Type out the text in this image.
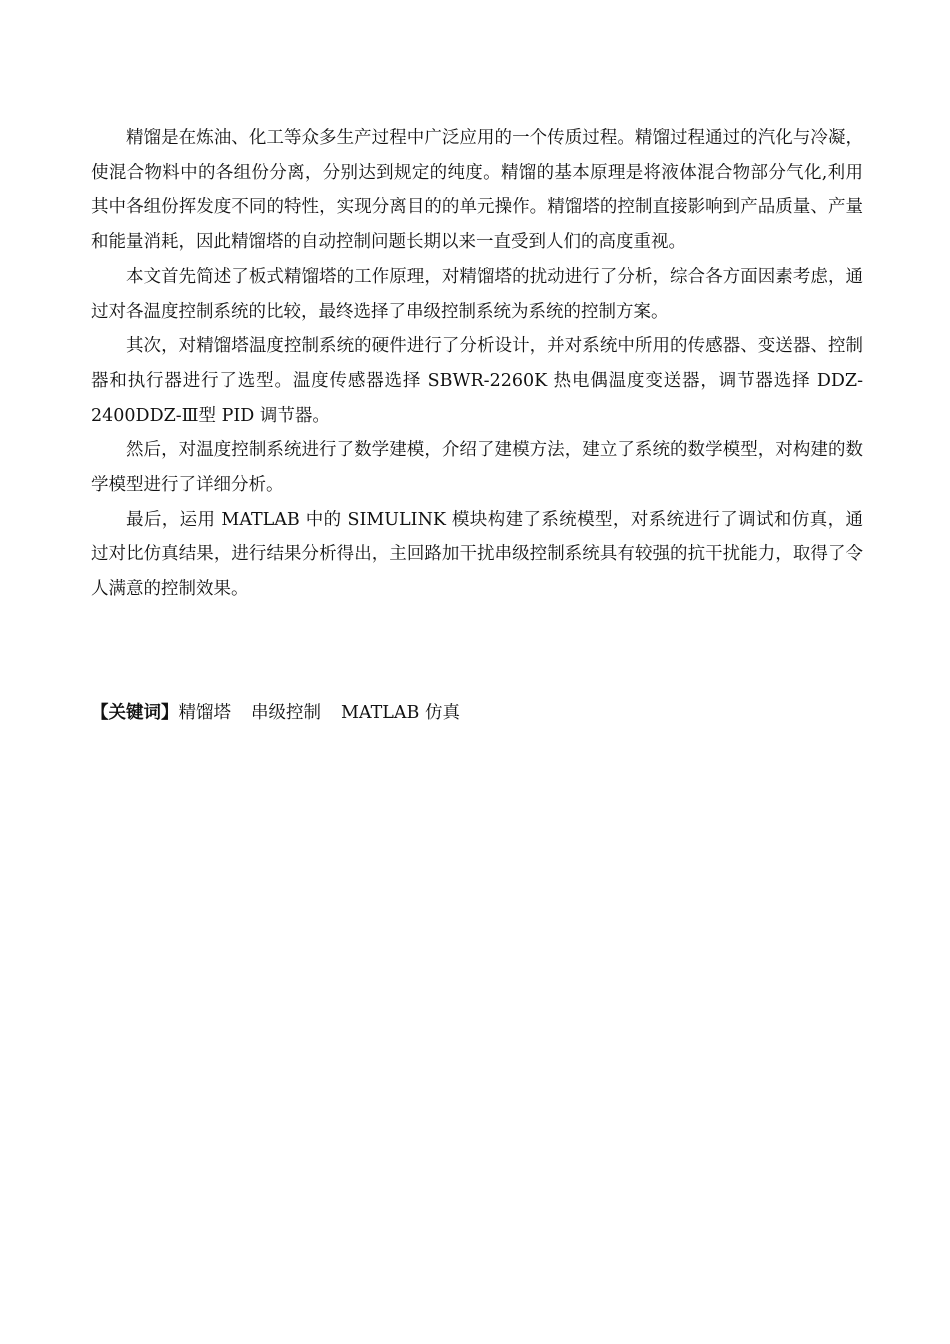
精馏是在炼油、化工等众多生产过程中广泛应用的一个传质过程。精馏过程通过的汽化与冷凝，使混合物料中的各组份分离，分别达到规定的纯度。精馏的基本原理是将液体混合物部分气化,利用其中各组份挥发度不同的特性，实现分离目的的单元操作。精馏塔的控制直接影响到产品质量、产量和能量消耗，因此精馏塔的自动控制问题长期以来一直受到人们的高度重视。

本文首先简述了板式精馏塔的工作原理，对精馏塔的扰动进行了分析，综合各方面因素考虑，通过对各温度控制系统的比较，最终选择了串级控制系统为系统的控制方案。

其次，对精馏塔温度控制系统的硬件进行了分析设计，并对系统中所用的传感器、变送器、控制器和执行器进行了选型。温度传感器选择 SBWR-2260K 热电偶温度变送器，调节器选择 DDZ-2400DDZ-Ⅲ型 PID 调节器。

然后，对温度控制系统进行了数学建模，介绍了建模方法，建立了系统的数学模型，对构建的数学模型进行了详细分析。

最后，运用 MATLAB 中的 SIMULINK 模块构建了系统模型，对系统进行了调试和仿真，通过对比仿真结果，进行结果分析得出，主回路加干扰串级控制系统具有较强的抗干扰能力，取得了令人满意的控制效果。

【关键词】精馏塔 串级控制 MATLAB 仿真
